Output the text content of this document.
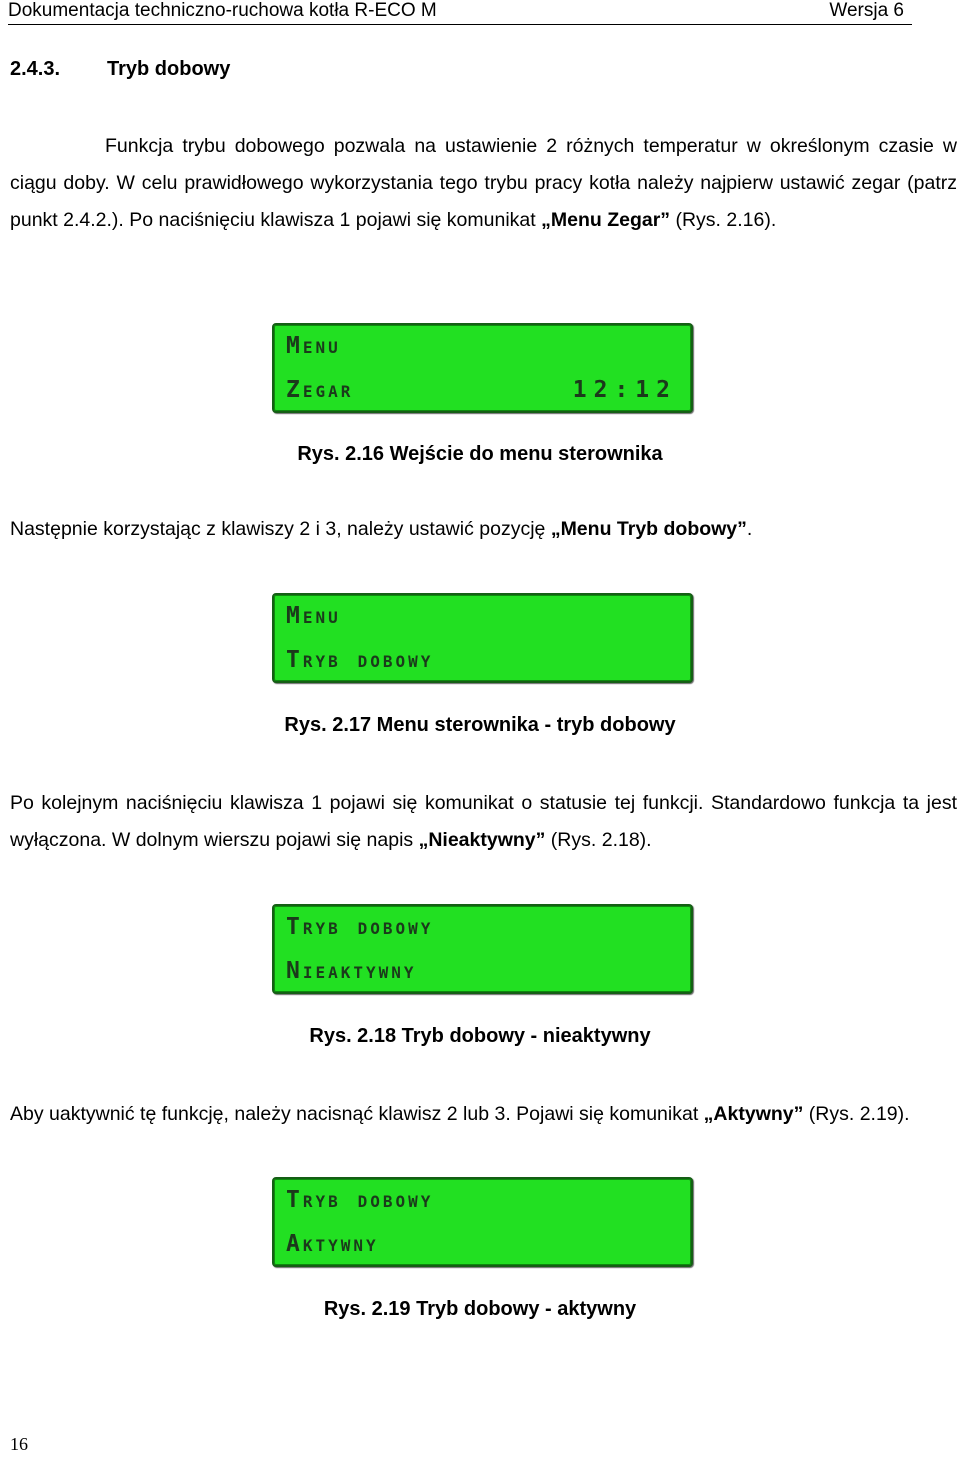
Dokumentacja techniczno-ruchowa kotła R-ECO M	Wersja 6
2.4.3. Tryb dobowy
Funkcja trybu dobowego pozwala na ustawienie 2 różnych temperatur w określonym czasie w ciągu doby. W celu prawidłowego wykorzystania tego trybu pracy kotła należy najpierw ustawić zegar (patrz punkt 2.4.2.). Po naciśnięciu klawisza 1 pojawi się komunikat „Menu Zegar” (Rys. 2.16).
Menu
Zegar	12:12
Rys. 2.16 Wejście do menu sterownika
Następnie korzystając z klawiszy 2 i 3, należy ustawić pozycję „Menu Tryb dobowy”.
Menu
Tryb dobowy
Rys. 2.17 Menu sterownika - tryb dobowy
Po kolejnym naciśnięciu klawisza 1 pojawi się komunikat o statusie tej funkcji. Standardowo funkcja ta jest wyłączona. W dolnym wierszu pojawi się napis „Nieaktywny” (Rys. 2.18).
Tryb dobowy
Nieaktywny
Rys. 2.18 Tryb dobowy - nieaktywny
Aby uaktywnić tę funkcję, należy nacisnąć klawisz 2 lub 3. Pojawi się komunikat „Aktywny” (Rys. 2.19).
Tryb dobowy
Aktywny
Rys. 2.19 Tryb dobowy - aktywny
16
